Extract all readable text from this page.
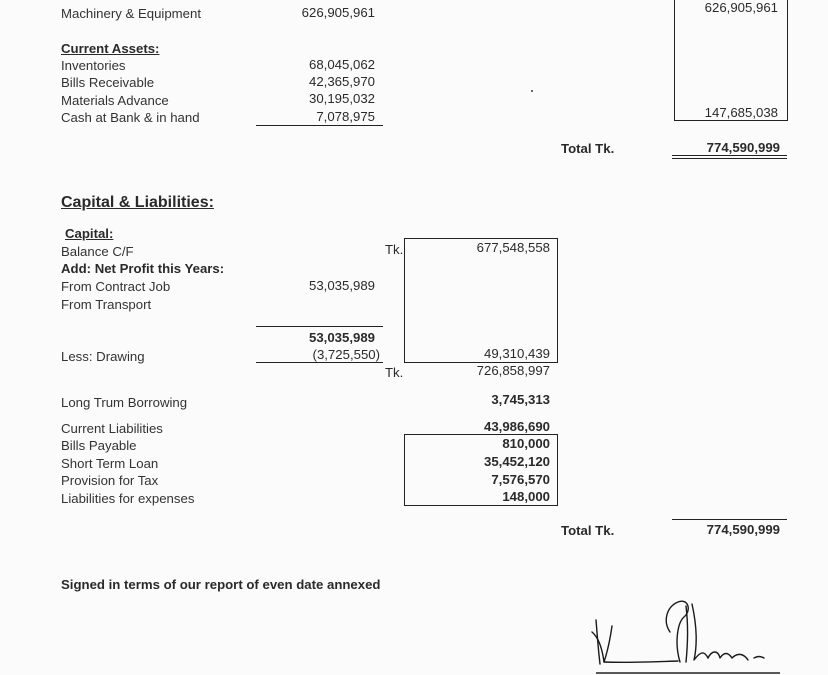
Machinery & Equipment	626,905,961	626,905,961
Current Assets:
Inventories	68,045,062
Bills Receivable	42,365,970
Materials Advance	30,195,032
Cash at Bank & in hand	7,078,975	147,685,038
Total Tk.	774,590,999
Capital & Liabilities:
Capital:
Balance C/F	Tk.	677,548,558
Add: Net Profit this Years:
From Contract Job	53,035,989
From Transport
53,035,989
(3,725,550)
Less: Drawing	49,310,439
Tk.	726,858,997
Long Trum Borrowing	3,745,313
Current Liabilities	43,986,690
Bills Payable	810,000
Short Term Loan	35,452,120
Provision for Tax	7,576,570
Liabilities for expenses	148,000
Total Tk.	774,590,999
Signed in terms of our report of even date annexed
